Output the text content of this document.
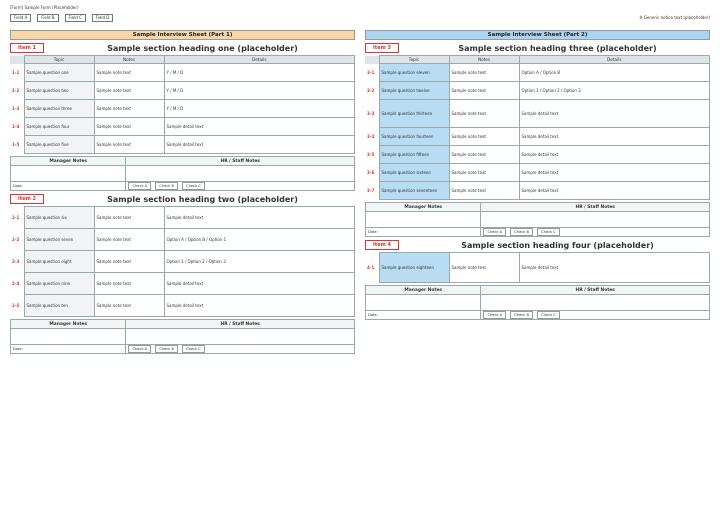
[Form] Sample Form (Placeholder)
Field A	Field B	Field C	Field D	※ Generic notice text (placeholder)
Sample Interview Sheet (Part 1)
Item 1	Sample section heading one (placeholder)
	Topic	Notes	Details
1-1	Sample question one	Sample note text	Y / M / D
1-2	Sample question two	Sample note text	Y / M / D
1-3	Sample question three	Sample note text	Y / M / D
1-4	Sample question four	Sample note text	Sample detail text
1-5	Sample question five	Sample note text	Sample detail text
Manager Notes	HR / Staff Notes

Date:	Check A Check B Check C
Item 2	Sample section heading two (placeholder)
2-1	Sample question six	Sample note text	Sample detail text
2-2	Sample question seven	Sample note text	Option A / Option B / Option C
2-3	Sample question eight	Sample note text	Option 1 / Option 2 / Option 3
2-4	Sample question nine	Sample note text	Sample detail text
2-5	Sample question ten	Sample note text	Sample detail text
Manager Notes	HR / Staff Notes

Date:	Check A Check B Check C
Sample Interview Sheet (Part 2)
Item 3	Sample section heading three (placeholder)
	Topic	Notes	Details
3-1	Sample question eleven	Sample note text	Option A / Option B
3-2	Sample question twelve	Sample note text	Option 1 / Option 2 / Option 3
3-3	Sample question thirteen	Sample note text	Sample detail text
3-4	Sample question fourteen	Sample note text	Sample detail text
3-5	Sample question fifteen	Sample note text	Sample detail text
3-6	Sample question sixteen	Sample note text	Sample detail text
3-7	Sample question seventeen	Sample note text	Sample detail text
Manager Notes	HR / Staff Notes

Date:	Check A Check B Check C
Item 4	Sample section heading four (placeholder)
4-1	Sample question eighteen	Sample note text	Sample detail text
Manager Notes	HR / Staff Notes

Date:	Check A Check B Check C
